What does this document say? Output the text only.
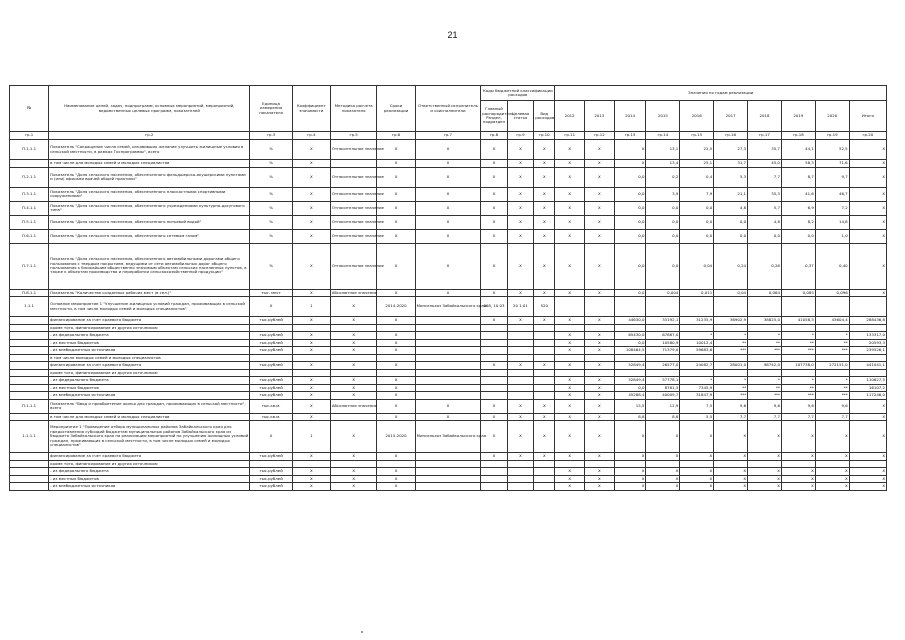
21
№	Наименование целей, задач, подпрограмм, основных мероприятий, мероприятий, ведомственных целевых программ, показателей	Единица измерения показателя	Коэффициент значимости	Методика расчета показателя	Сроки реализации	Ответственный исполнитель и соисполнители	Коды бюджетной классификации расходов			Значения по годам реализации									
							Главный распорядитель Раздел, подраздел	Целевая статья	Вид расходов	2012	2013	2014	2015	2016	2017	2018	2019	2020	Итого
гр.1	гр.2	гр.3	гр.4	гр.5	гр.6	гр.7	гр.8	гр.9	гр.10	гр.11	гр.12	гр.13	гр.14	гр.15	гр.16	гр.17	гр.18	гр.19	гр.20
П.1.1.1	Показатель "Сокращение числа семей, изъявивших желание улучшить жилищные условия в сельской местности, в рамках Госпрограммы", всего	%	Х	Относительное значение	Х	Х	Х	Х	Х	Х	Х	Х	13,1	22,5	27,3	35,7	44,1	52,5	Х
	в том числе для молодых семей и молодых специалистов	%	Х		Х	Х	Х	Х	Х	Х	Х	Х	13,4	25,1	31,7	45,0	58,3	71,6	Х
П.2.1.1	Показатель "Доля сельского населения, обеспеченного фельдшерско-акушерскими пунктами и (или) офисами врачей общей практики"	%	Х	Относительное значение	Х	Х	Х	Х	Х	Х	Х	0,0	0,2	0,4	5,3	7,7	8,7	9,7	Х
П.3.1.1	Показатель "Доля сельского населения, обеспеченного плоскостными спортивными сооружениями"	%	Х	Относительное значение	Х	Х	Х	Х	Х	Х	Х	0,0	3,9	7,9	21,1	35,3	41,6	46,7	Х
П.4.1.1	Показатель "Доля сельского населения, обеспеченного учреждениями культурно-досугового типа"	%	Х	Относительное значение	Х	Х	Х	Х	Х	Х	Х	0,0	0,0	0,0	4,8	5,7	6,9	7,2	Х
П.5.1.1	Показатель "Доля сельского населения, обеспеченного питьевой водой"	%	Х	Относительное значение	Х	Х	Х	Х	Х	Х	Х	0,0	0,0	0,0	0,0	4,8	8,2	14,8	Х
П.6.1.1	Показатель "Доля сельского населения, обеспеченного сетевым газом"	%	Х	Относительное значение	Х	Х	Х	Х	Х	Х	Х	0,0	0,0	0,0	0,0	0,0	0,0	1,0	Х
П.7.1.1	Показатель "Доля сельского населения, обеспеченного автомобильными дорогами общего пользования с твердым покрытием, ведущими от сети автомобильных дорог общего пользования к ближайшим общественно значимым объектам сельских населенных пунктов, а также к объектам производства и переработки сельскохозяйственной продукции"	%	Х	Относительное значение	Х	Х	Х	Х	Х	Х	Х	0,0	0,0	0,04	0,24	0,26	0,37	0,40	Х
П.8.1.1	Показатель "Количество созданных рабочих мест (в сел.)"	тыс. мест	Х	Абсолютное значение	Х	Х	Х	Х	Х	Х	Х	0,0	0,004	0,011	0,04	0,064	0,085	0,096	Х
1.1.1	Основное мероприятие 1 "Улучшение жилищных условий граждан, проживающих в сельской местности, в том числе молодых семей и молодых специалистов"	Х	1	Х	2014-2020	Минсельхоз Забайкальского края	068, 10 03	20 1 01	520										
	финансирование за счет краевого бюджета	тыс.рублей	Х	Х	Х		Х	Х	Х	Х	Х	44630,0	33192,1	31235,9	36902,9	38825,0	41058,5	43604,4	288436,8
	кроме того, финансирование из других источников:																		
	- из федерального бюджета	тыс.рублей	Х	Х	Х					Х	Х	65430,0	67887,0	*	*	*	*	*	133317,0
	- из местных бюджетов	тыс.рублей	Х	Х	Х					Х	Х	0,0	10580,9	10012,4	**	**	**	**	20593,3
	- из внебюджетных источников	тыс.рублей	Х	Х	Х					Х	Х	108464,5	71379,0	59683,6	***	***	***	***	239526,1
	в том числе молодых семей и молодых специалистов																		
	финансирование за счет краевого бюджета	тыс.рублей	Х	Х	Х		Х	Х	Х	Х	Х	52849,4	26577,0	24082,7	28001,0	98742,0	107738,0	272151,0	441041,1
	кроме того, финансирование из других источников:																		
	- из федерального бюджета	тыс.рублей	Х	Х	Х					Х	Х	52849,4	57778,1	*	*	*	*	*	110627,5
	- из местных бюджетов	тыс.рублей	Х	Х	Х					Х	Х	0,0	8761,3	7345,9	**	**	**	**	16107,2
	- из внебюджетных источников	тыс.рублей	Х	Х	Х					Х	Х	45288,4	40009,7	31847,9	***	***	***	***	117246,0
П.1.1.1	Показатель "Ввод и приобретение жилья для граждан, проживающих в сельской местности", всего	тыс.кв.м.	Х	Абсолютное значение	Х	Х	Х	Х	Х	Х	Х	15,5	12,9	7,5	9,6	9,6	9,6	9,6	Х
	в том числе для молодых семей и молодых специалистов	тыс.кв.м.	Х		Х	Х	Х	Х	Х	Х	Х	8,8	8,8	5,5	7,7	7,7	7,7	7,7	Х
1.1.1.1	Мероприятие 1 "Проведение отбора муниципальных районов Забайкальского края для предоставления субсидий бюджетам муниципальных районов Забайкальского края из бюджета Забайкальского края на реализацию мероприятий по улучшению жилищных условий граждан, проживающих в сельской местности, в том числе молодых семей и молодых специалистов"	Х	1	Х	2015-2020	Минсельхоз Забайкальского края	Х	Х	Х	Х	Х	Х	Х	Х	Х	Х	Х	Х	Х
	финансирование за счет краевого бюджета	тыс.рублей	Х	Х	Х		Х	Х	Х	Х	Х	Х	Х	Х	Х	Х	Х	Х	Х
	кроме того, финансирование из других источников:																		
	- из федерального бюджета	тыс.рублей	Х	Х	Х					Х	Х	Х	Х	Х	Х	Х	Х	Х	Х
	- из местных бюджетов	тыс.рублей	Х	Х	Х					Х	Х	Х	Х	Х	Х	Х	Х	Х	Х
	- из внебюджетных источников	тыс.рублей	Х	Х	Х					Х	Х	Х	Х	Х	Х	Х	Х	Х	Х
